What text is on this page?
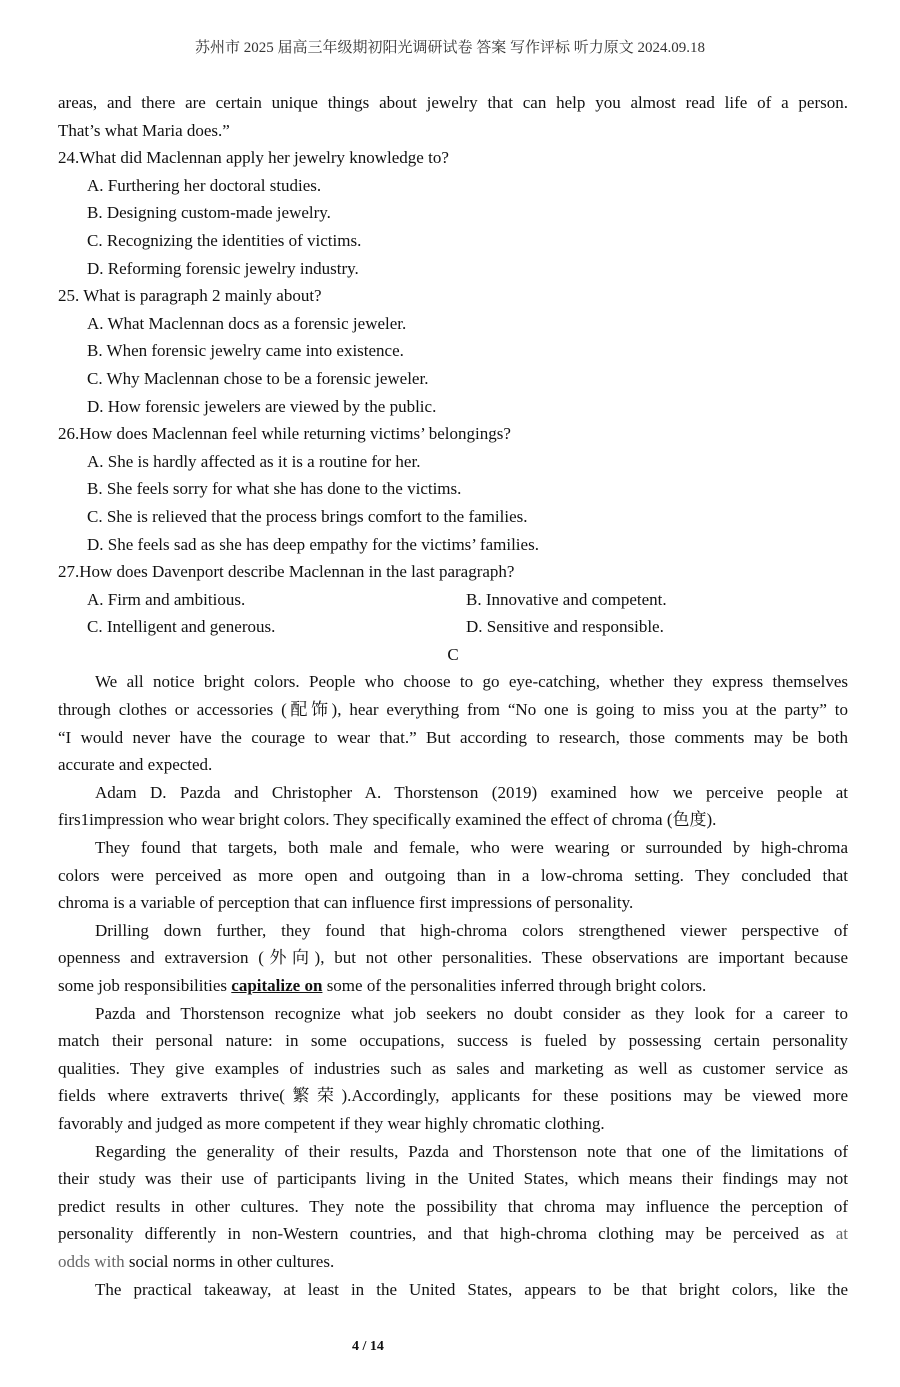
苏州市 2025 届高三年级期初阳光调研试卷 答案 写作评标 听力原文 2024.09.18
areas, and there are certain unique things about jewelry that can help you almost read life of a person.
That’s what Maria does.”
24.What did Maclennan apply her jewelry knowledge to?
A. Furthering her doctoral studies.
B. Designing custom-made jewelry.
C. Recognizing the identities of victims.
D. Reforming forensic jewelry industry.
25. What is paragraph 2 mainly about?
A. What Maclennan docs as a forensic jeweler.
B. When forensic jewelry came into existence.
C. Why Maclennan chose to be a forensic jeweler.
D. How forensic jewelers are viewed by the public.
26.How does Maclennan feel while returning victims’ belongings?
A. She is hardly affected as it is a routine for her.
B. She feels sorry for what she has done to the victims.
C. She is relieved that the process brings comfort to the families.
D. She feels sad as she has deep empathy for the victims’ families.
27.How does Davenport describe Maclennan in the last paragraph?
A. Firm and ambitious.	B. Innovative and competent.
C. Intelligent and generous.	D. Sensitive and responsible.
C
We all notice bright colors. People who choose to go eye-catching, whether they express themselves
through clothes or accessories (配饰), hear everything from “No one is going to miss you at the party” to
“I would never have the courage to wear that.” But according to research, those comments may be both
accurate and expected.
Adam D. Pazda and Christopher A. Thorstenson (2019) examined how we perceive people at
firs1impression who wear bright colors. They specifically examined the effect of chroma (色度).
They found that targets, both male and female, who were wearing or surrounded by high-chroma
colors were perceived as more open and outgoing than in a low-chroma setting. They concluded that
chroma is a variable of perception that can influence first impressions of personality.
Drilling down further, they found that high-chroma colors strengthened viewer perspective of
openness and extraversion (外向), but not other personalities. These observations are important because
some job responsibilities capitalize on some of the personalities inferred through bright colors.
Pazda and Thorstenson recognize what job seekers no doubt consider as they look for a career to
match their personal nature: in some occupations, success is fueled by possessing certain personality
qualities. They give examples of industries such as sales and marketing as well as customer service as
fields where extraverts thrive(繁荣).Accordingly, applicants for these positions may be viewed more
favorably and judged as more competent if they wear highly chromatic clothing.
Regarding the generality of their results, Pazda and Thorstenson note that one of the limitations of
their study was their use of participants living in the United States, which means their findings may not
predict results in other cultures. They note the possibility that chroma may influence the perception of
personality differently in non-Western countries, and that high-chroma clothing may be perceived as at
odds with social norms in other cultures.
The practical takeaway, at least in the United States, appears to be that bright colors, like the
4 / 14
